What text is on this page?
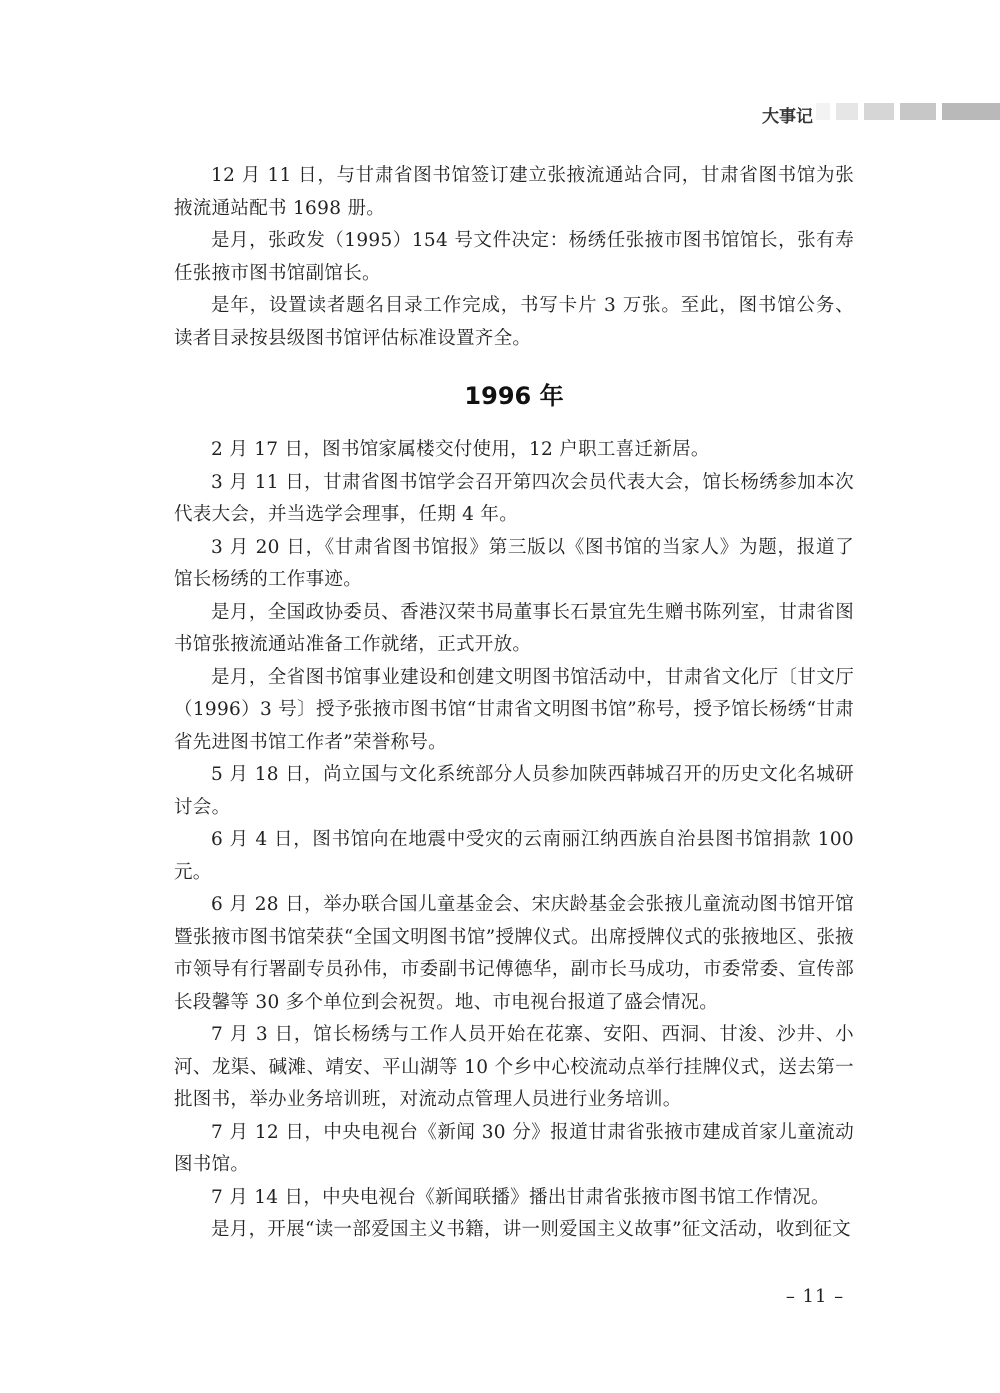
大事记

12 月 11 日，与甘肃省图书馆签订建立张掖流通站合同，甘肃省图书馆为张掖流通站配书 1698 册。

是月，张政发（1995）154 号文件决定：杨绣任张掖市图书馆馆长，张有寿任张掖市图书馆副馆长。

是年，设置读者题名目录工作完成，书写卡片 3 万张。至此，图书馆公务、读者目录按县级图书馆评估标准设置齐全。

1996 年

2 月 17 日，图书馆家属楼交付使用，12 户职工喜迁新居。

3 月 11 日，甘肃省图书馆学会召开第四次会员代表大会，馆长杨绣参加本次代表大会，并当选学会理事，任期 4 年。

3 月 20 日，《甘肃省图书馆报》第三版以《图书馆的当家人》为题，报道了馆长杨绣的工作事迹。

是月，全国政协委员、香港汉荣书局董事长石景宜先生赠书陈列室，甘肃省图书馆张掖流通站准备工作就绪，正式开放。

是月，全省图书馆事业建设和创建文明图书馆活动中，甘肃省文化厅〔甘文厅（1996）3 号〕授予张掖市图书馆“甘肃省文明图书馆”称号，授予馆长杨绣“甘肃省先进图书馆工作者”荣誉称号。

5 月 18 日，尚立国与文化系统部分人员参加陕西韩城召开的历史文化名城研讨会。

6 月 4 日，图书馆向在地震中受灾的云南丽江纳西族自治县图书馆捐款 100 元。

6 月 28 日，举办联合国儿童基金会、宋庆龄基金会张掖儿童流动图书馆开馆暨张掖市图书馆荣获“全国文明图书馆”授牌仪式。出席授牌仪式的张掖地区、张掖市领导有行署副专员孙伟，市委副书记傅德华，副市长马成功，市委常委、宣传部长段馨等 30 多个单位到会祝贺。地、市电视台报道了盛会情况。

7 月 3 日，馆长杨绣与工作人员开始在花寨、安阳、西洞、甘浚、沙井、小河、龙渠、碱滩、靖安、平山湖等 10 个乡中心校流动点举行挂牌仪式，送去第一批图书，举办业务培训班，对流动点管理人员进行业务培训。

7 月 12 日，中央电视台《新闻 30 分》报道甘肃省张掖市建成首家儿童流动图书馆。

7 月 14 日，中央电视台《新闻联播》播出甘肃省张掖市图书馆工作情况。

是月，开展“读一部爱国主义书籍，讲一则爱国主义故事”征文活动，收到征文

– 11 –
